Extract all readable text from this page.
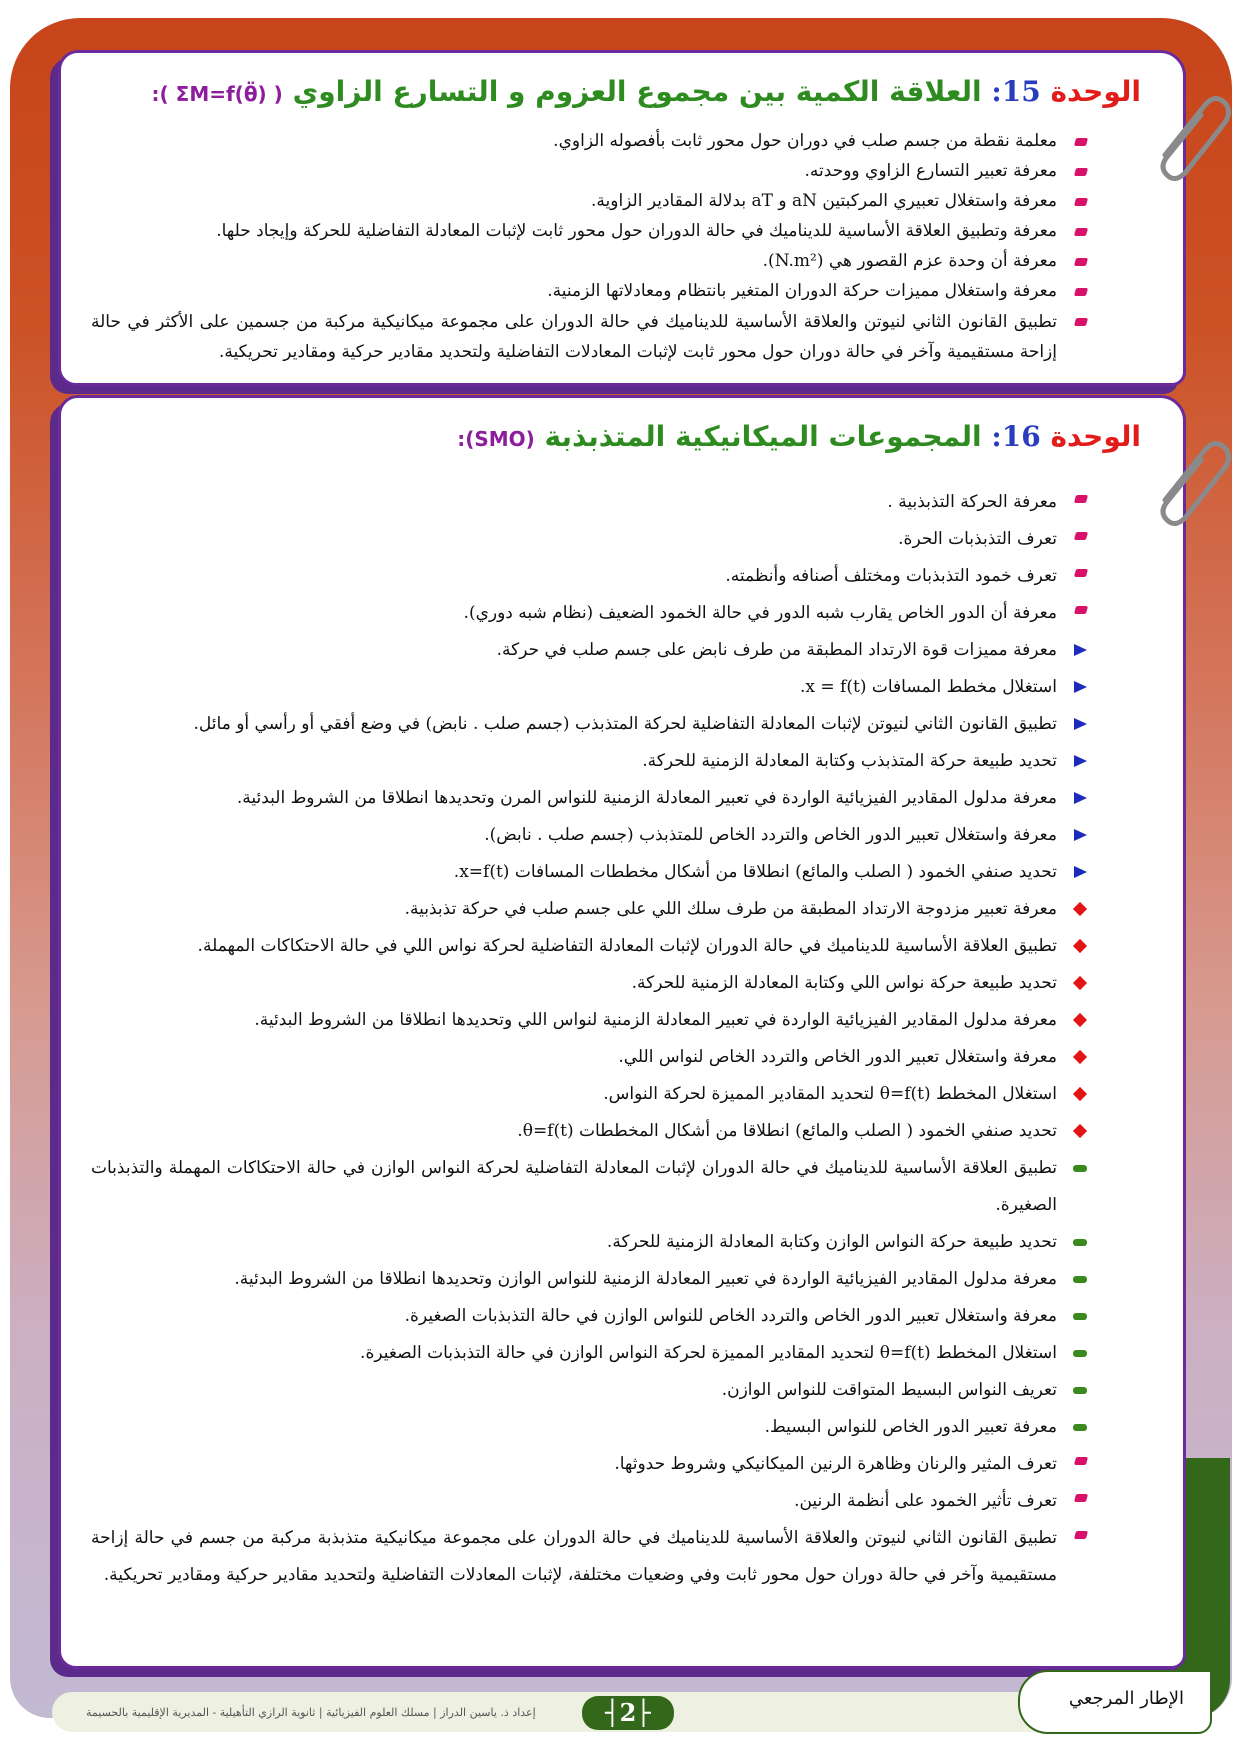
الوحدة 15: العلاقة الكمية بين مجموع العزوم و التسارع الزاوي ( ΣM=f(θ̈) ):
معلمة نقطة من جسم صلب في دوران حول محور ثابت بأفصوله الزاوي.
معرفة تعبير التسارع الزاوي ووحدته.
معرفة واستغلال تعبيري المركبتين aN و aT بدلالة المقادير الزاوية.
معرفة وتطبيق العلاقة الأساسية للديناميك في حالة الدوران حول محور ثابت لإثبات المعادلة التفاضلية للحركة وإيجاد حلها.
معرفة أن وحدة عزم القصور هي (N.m²).
معرفة واستغلال مميزات حركة الدوران المتغير بانتظام ومعادلاتها الزمنية.
تطبيق القانون الثاني لنيوتن والعلاقة الأساسية للديناميك في حالة الدوران على مجموعة ميكانيكية مركبة من جسمين على الأكثر في حالة إزاحة مستقيمية وآخر في حالة دوران حول محور ثابت لإثبات المعادلات التفاضلية ولتحديد مقادير حركية ومقادير تحريكية.
الوحدة 16: المجموعات الميكانيكية المتذبذبة (SMO):
معرفة الحركة التذبذبية .
تعرف التذبذبات الحرة.
تعرف خمود التذبذبات ومختلف أصنافه وأنظمته.
معرفة أن الدور الخاص يقارب شبه الدور في حالة الخمود الضعيف (نظام شبه دوري).
معرفة مميزات قوة الارتداد المطبقة من طرف نابض على جسم صلب في حركة.
استغلال مخطط المسافات (x = f(t.
تطبيق القانون الثاني لنيوتن لإثبات المعادلة التفاضلية لحركة المتذبذب (جسم صلب . نابض) في وضع أفقي أو رأسي أو مائل.
تحديد طبيعة حركة المتذبذب وكتابة المعادلة الزمنية للحركة.
معرفة مدلول المقادير الفيزيائية الواردة في تعبير المعادلة الزمنية للنواس المرن وتحديدها انطلاقا من الشروط البدئية.
معرفة واستغلال تعبير الدور الخاص والتردد الخاص للمتذبذب (جسم صلب . نابض).
تحديد صنفي الخمود ( الصلب والمائع) انطلاقا من أشكال مخططات المسافات (x=f(t.
معرفة تعبير مزدوجة الارتداد المطبقة من طرف سلك اللي على جسم صلب في حركة تذبذبية.
تطبيق العلاقة الأساسية للديناميك في حالة الدوران لإثبات المعادلة التفاضلية لحركة نواس اللي في حالة الاحتكاكات المهملة.
تحديد طبيعة حركة نواس اللي وكتابة المعادلة الزمنية للحركة.
معرفة مدلول المقادير الفيزيائية الواردة في تعبير المعادلة الزمنية لنواس اللي وتحديدها انطلاقا من الشروط البدئية.
معرفة واستغلال تعبير الدور الخاص والتردد الخاص لنواس اللي.
استغلال المخطط (θ=f(t لتحديد المقادير المميزة لحركة النواس.
تحديد صنفي الخمود ( الصلب والمائع) انطلاقا من أشكال المخططات (θ=f(t.
تطبيق العلاقة الأساسية للديناميك في حالة الدوران لإثبات المعادلة التفاضلية لحركة النواس الوازن في حالة الاحتكاكات المهملة والتذبذبات الصغيرة.
تحديد طبيعة حركة النواس الوازن وكتابة المعادلة الزمنية للحركة.
معرفة مدلول المقادير الفيزيائية الواردة في تعبير المعادلة الزمنية للنواس الوازن وتحديدها انطلاقا من الشروط البدئية.
معرفة واستغلال تعبير الدور الخاص والتردد الخاص للنواس الوازن في حالة التذبذبات الصغيرة.
استغلال المخطط (θ=f(t لتحديد المقادير المميزة لحركة النواس الوازن في حالة التذبذبات الصغيرة.
تعريف النواس البسيط المتواقت للنواس الوازن.
معرفة تعبير الدور الخاص للنواس البسيط.
تعرف المثير والرنان وظاهرة الرنين الميكانيكي وشروط حدوثها.
تعرف تأثير الخمود على أنظمة الرنين.
تطبيق القانون الثاني لنيوتن والعلاقة الأساسية للديناميك في حالة الدوران على مجموعة ميكانيكية متذبذبة مركبة من جسم في حالة إزاحة مستقيمية وآخر في حالة دوران حول محور ثابت وفي وضعيات مختلفة، لإثبات المعادلات التفاضلية ولتحديد مقادير حركية ومقادير تحريكية.
إعداد ذ. ياسين الدراز | مسلك العلوم الفيزيائية | ثانوية الرازي التأهيلية - المديرية الإقليمية بالحسيمة	┤2├	الإطار المرجعي
